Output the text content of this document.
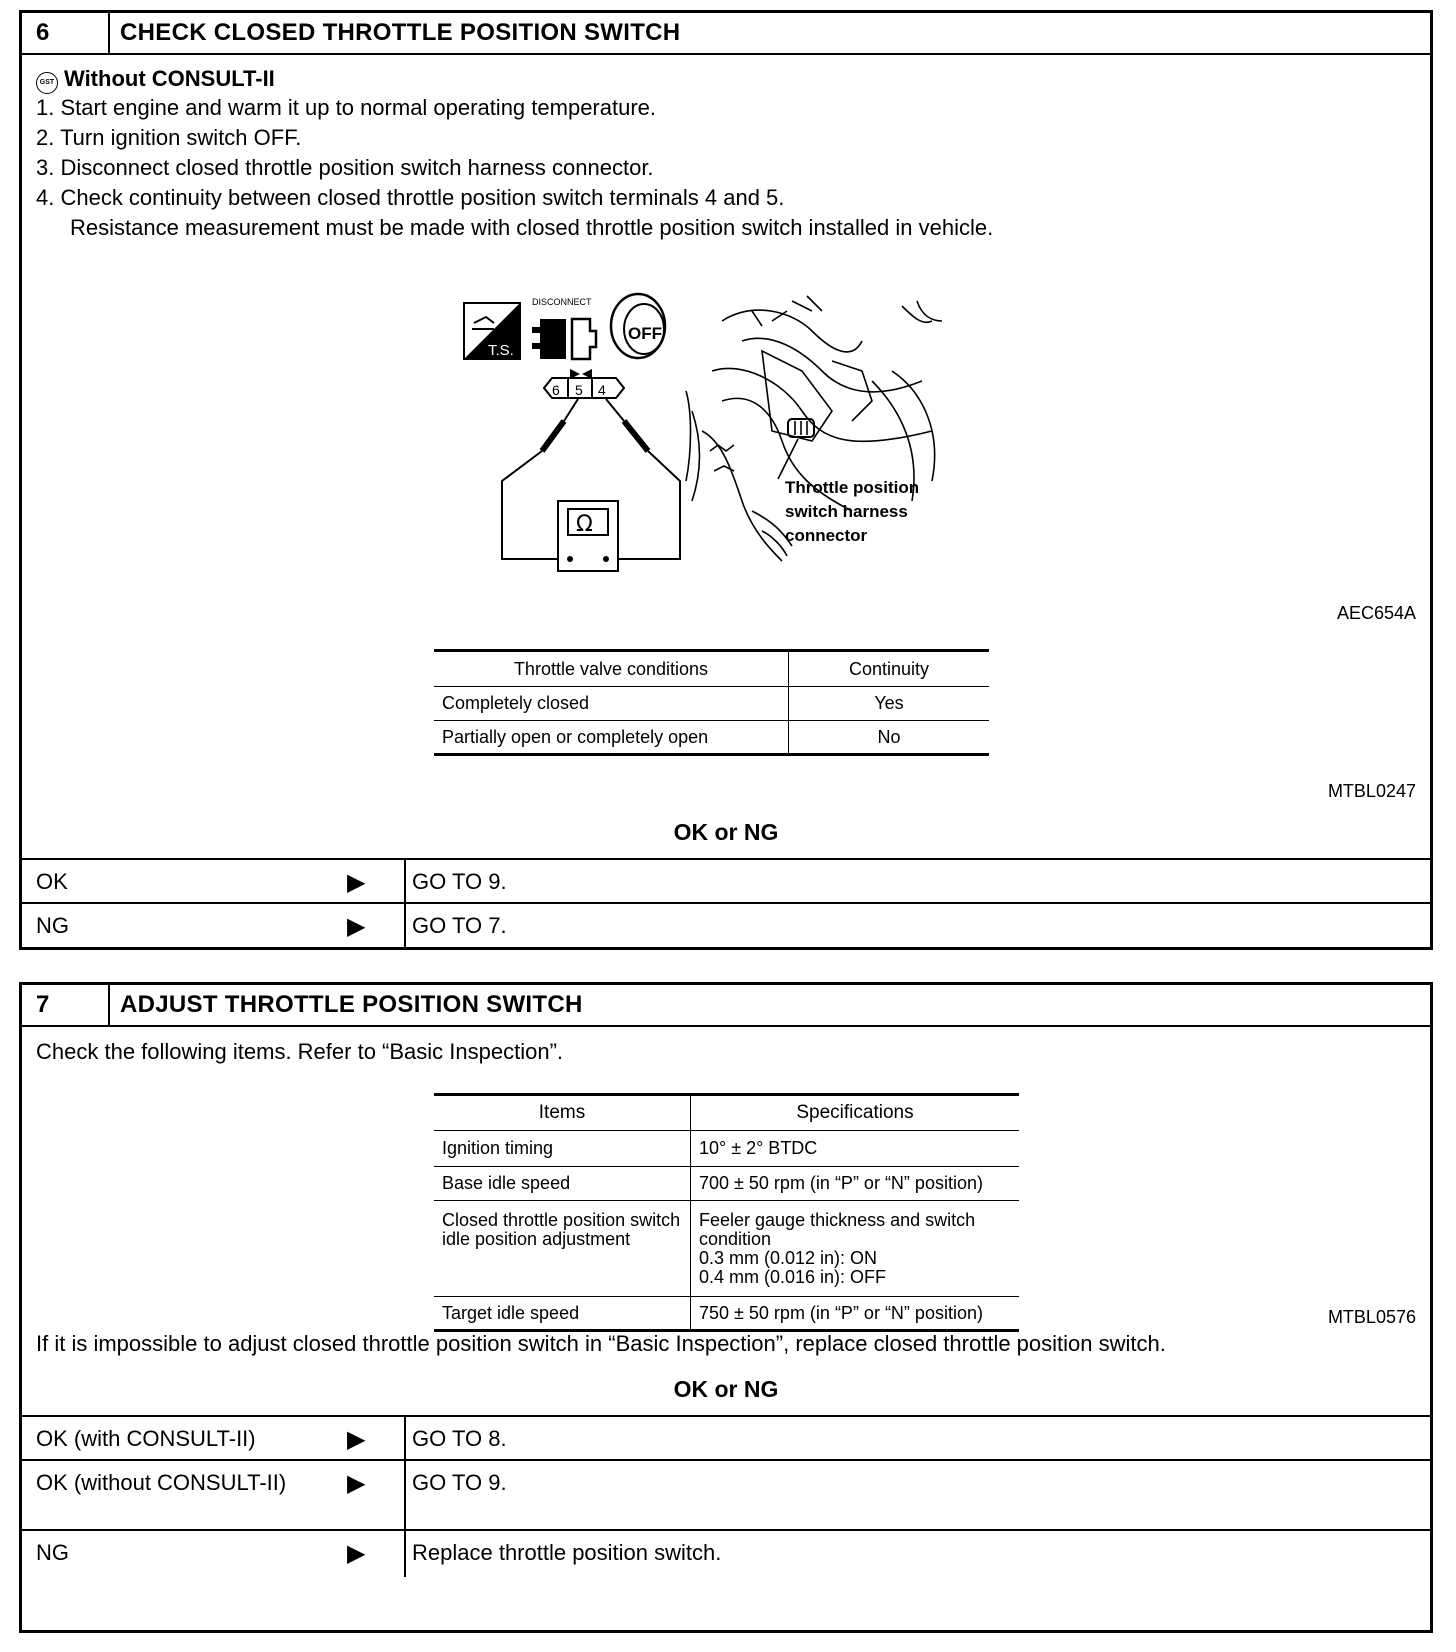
6	CHECK CLOSED THROTTLE POSITION SWITCH
GST Without CONSULT-II
1. Start engine and warm it up to normal operating temperature.
2. Turn ignition switch OFF.
3. Disconnect closed throttle position switch harness connector.
4. Check continuity between closed throttle position switch terminals 4 and 5.
Resistance measurement must be made with closed throttle position switch installed in vehicle.
T.S.
DISCONNECT
OFF
6 5 4
Ω
Throttle position
switch harness
connector
AEC654A
Throttle valve conditions	Continuity
Completely closed	Yes
Partially open or completely open	No
MTBL0247
OK or NG
OK	▶	GO TO 9.
NG	▶	GO TO 7.
7	ADJUST THROTTLE POSITION SWITCH
Check the following items. Refer to “Basic Inspection”.
Items	Specifications
Ignition timing	10° ± 2° BTDC
Base idle speed	700 ± 50 rpm (in “P” or “N” position)
Closed throttle position switch idle position adjustment	Feeler gauge thickness and switch condition
0.3 mm (0.012 in): ON
0.4 mm (0.016 in): OFF
Target idle speed	750 ± 50 rpm (in “P” or “N” position)	MTBL0576
If it is impossible to adjust closed throttle position switch in “Basic Inspection”, replace closed throttle position switch.
OK or NG
OK (with CONSULT-II)	▶	GO TO 8.
OK (without CONSULT-II)	▶	GO TO 9.
NG	▶	Replace throttle position switch.
